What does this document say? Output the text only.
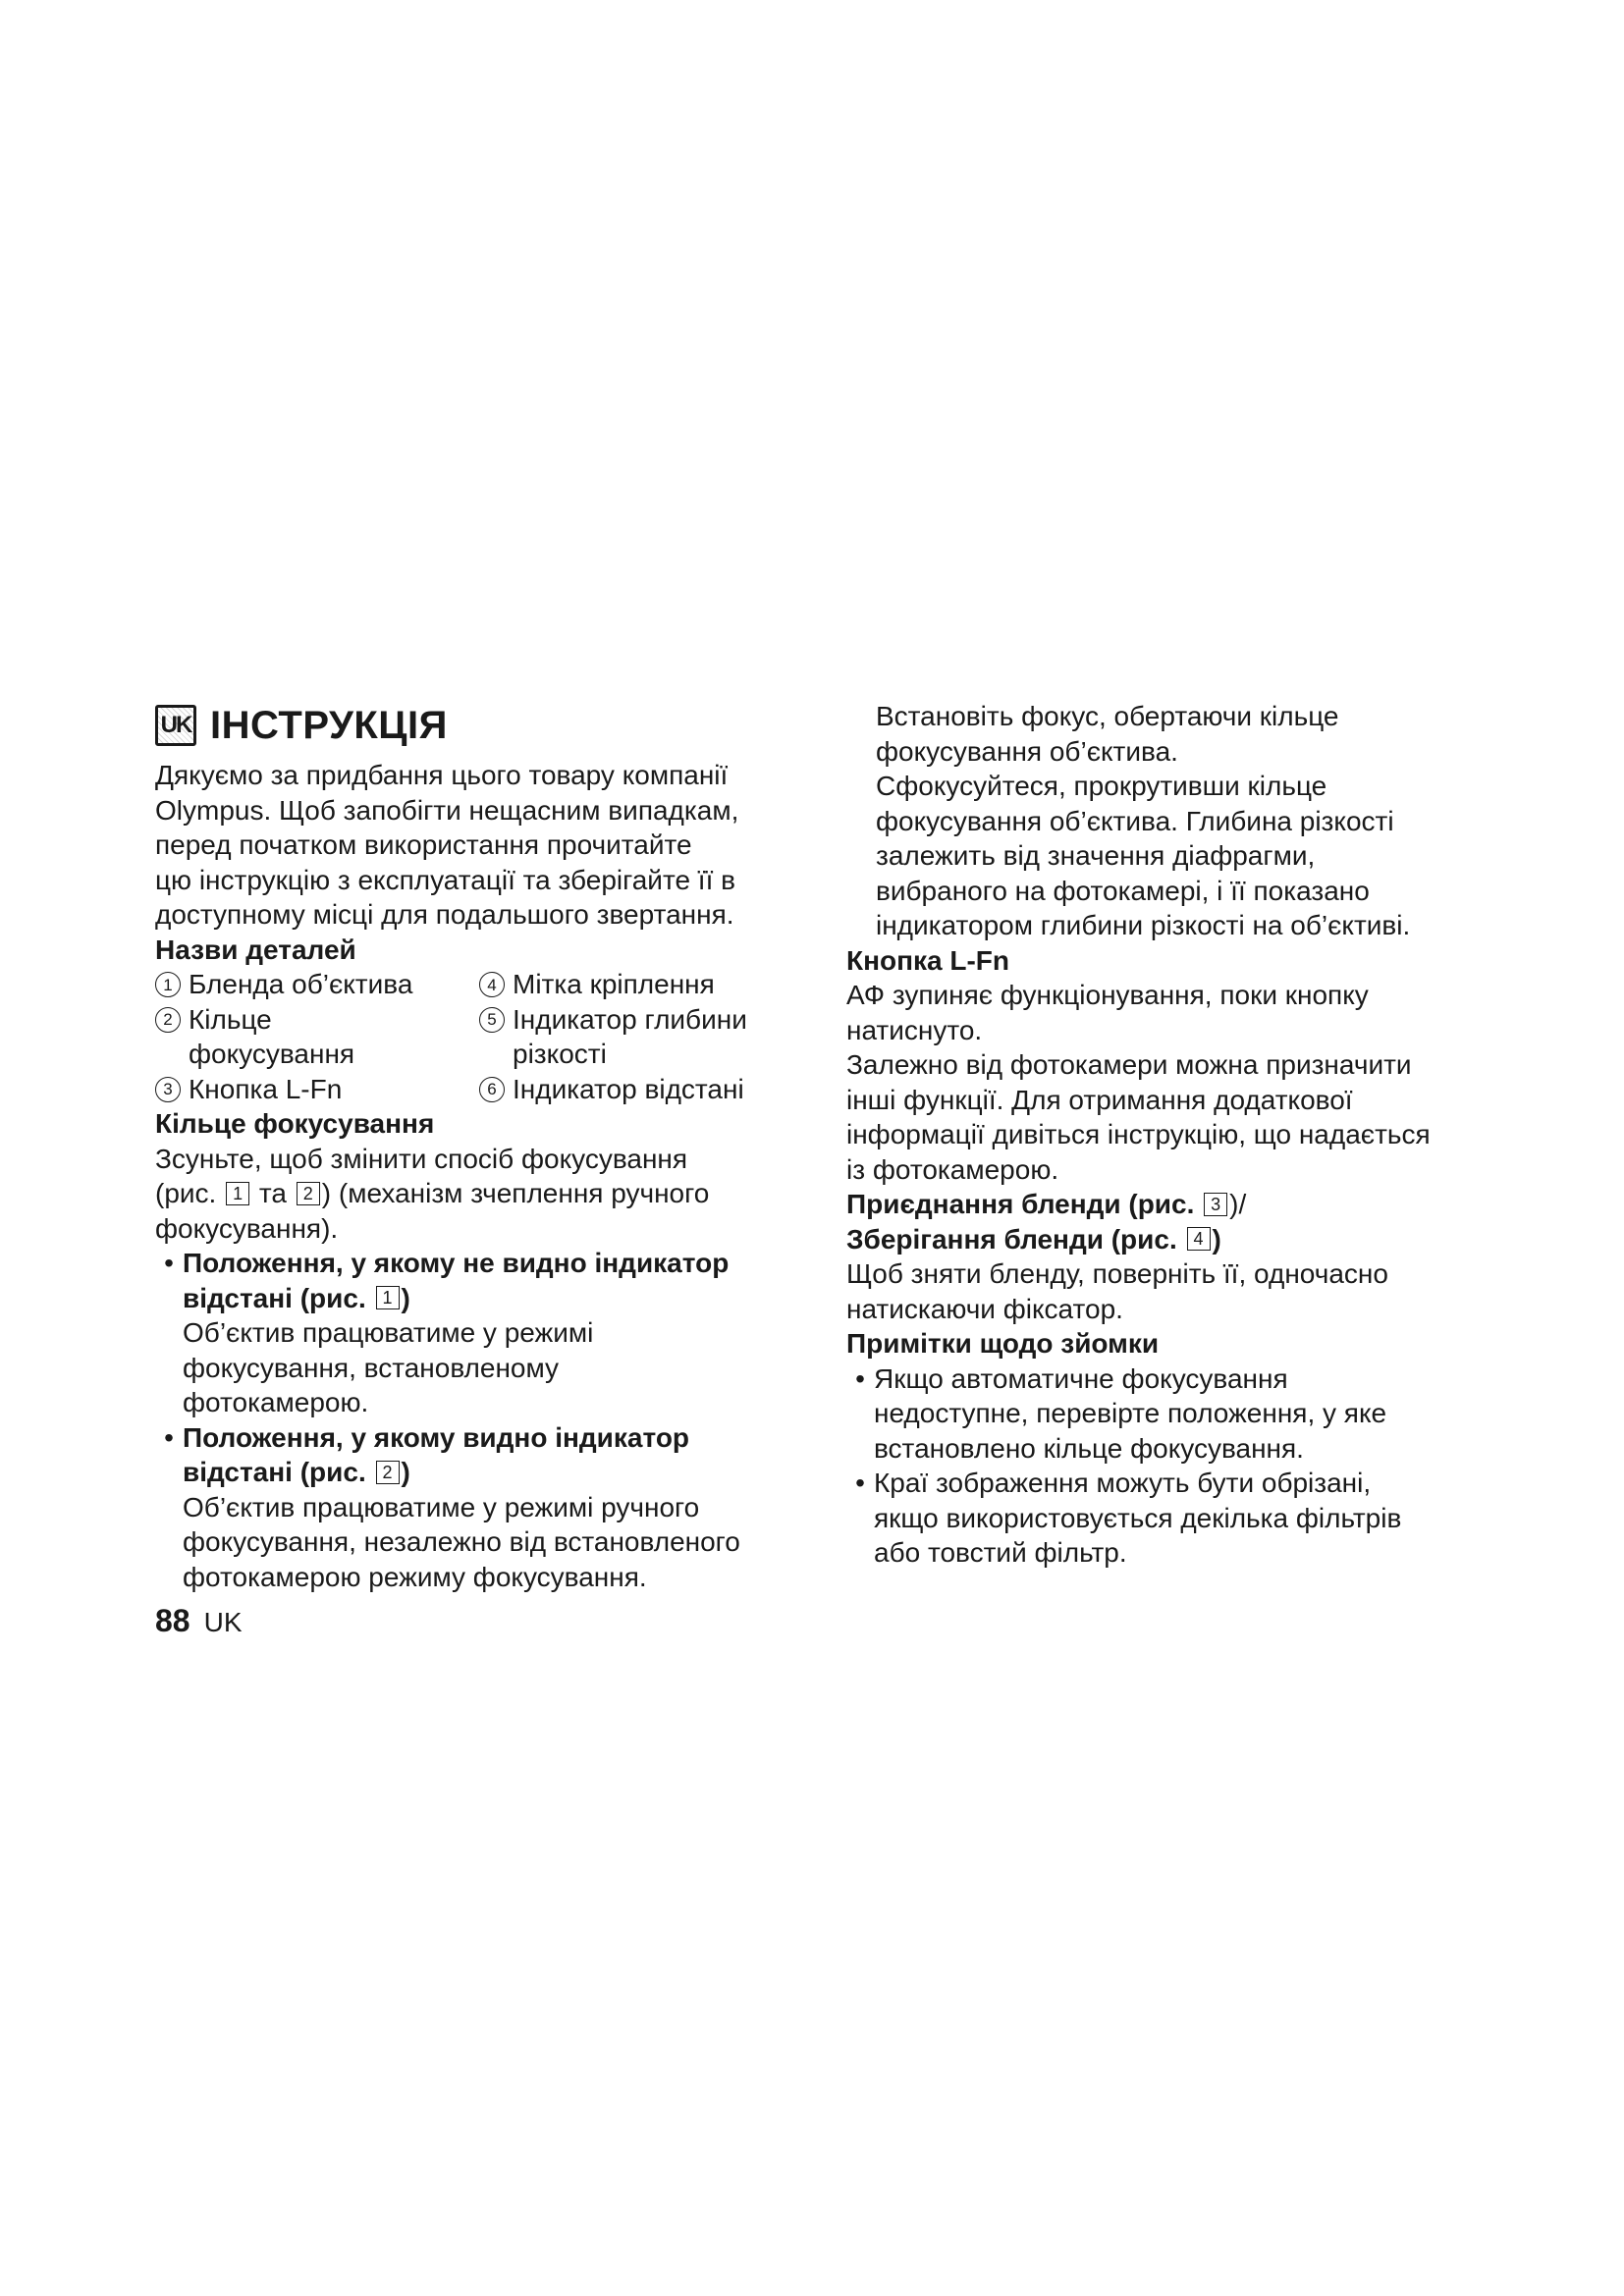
UK ІНСТРУКЦІЯ

Дякуємо за придбання цього товару компанії

Olympus. Щоб запобігти нещасним випадкам,

перед початком використання прочитайте

цю інструкцію з експлуатації та зберігайте її в

доступному місці для подальшого звертання.

Назви деталей

1 Бленда об’єктива	4 Мітка кріплення
2 Кільце
фокусування
5 Індикатор глибини
різкості
3 Кнопка L-Fn	6 Індикатор відстані

Кільце фокусування

Зсуньте, щоб змінити спосіб фокусування

(рис. 1 та 2 ) (механізм зчеплення ручного

фокусування).

• Положення, у якому не видно індикатор

відстані (рис. 1 )

Об’єктив працюватиме у режимі

фокусування, встановленому

фотокамерою.

• Положення, у якому видно індикатор

відстані (рис. 2 )

Об’єктив працюватиме у режимі ручного

фокусування, незалежно від встановленого

фотокамерою режиму фокусування.

Встановіть фокус, обертаючи кільце

фокусування об’єктива.

Сфокусуйтеся, прокрутивши кільце

фокусування об’єктива. Глибина різкості

залежить від значення діафрагми,

вибраного на фотокамері, і її показано

індикатором глибини різкості на об’єктиві.

Кнопка L-Fn

АФ зупиняє функціонування, поки кнопку

натиснуто.

Залежно від фотокамери можна призначити

інші функції. Для отримання додаткової

інформації дивіться інструкцію, що надається

із фотокамерою.

Приєднання бленди (рис. 3 )/

Зберігання бленди (рис. 4 )

Щоб зняти бленду, поверніть її, одночасно

натискаючи фіксатор.

Примітки щодо зйомки

• Якщо автоматичне фокусування

недоступне, перевірте положення, у яке

встановлено кільце фокусування.

• Краї зображення можуть бути обрізані,

якщо використовується декілька фільтрів

або товстий фільтр.

88 UK
